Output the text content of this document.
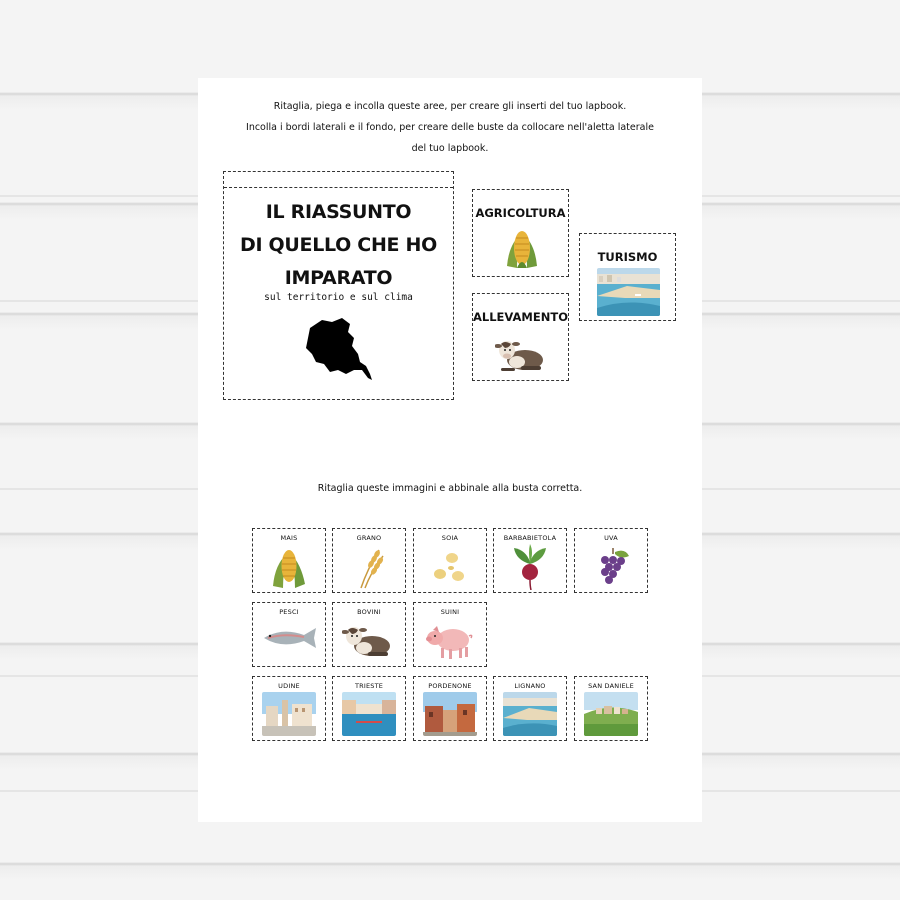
Ritaglia, piega e incolla queste aree, per creare gli inserti del tuo lapbook.
Incolla i bordi laterali e il fondo, per creare delle buste da collocare nell'aletta laterale
del tuo lapbook.
IL RIASSUNTO
DI QUELLO CHE HO
IMPARATO
sul territorio e sul clima
AGRICOLTURA
TURISMO
ALLEVAMENTO
Ritaglia queste immagini e abbinale alla busta corretta.
MAIS	GRANO	SOIA	BARBABIETOLA	UVA
PESCI	BOVINI	SUINI
UDINE	TRIESTE	PORDENONE	LIGNANO	SAN DANIELE
